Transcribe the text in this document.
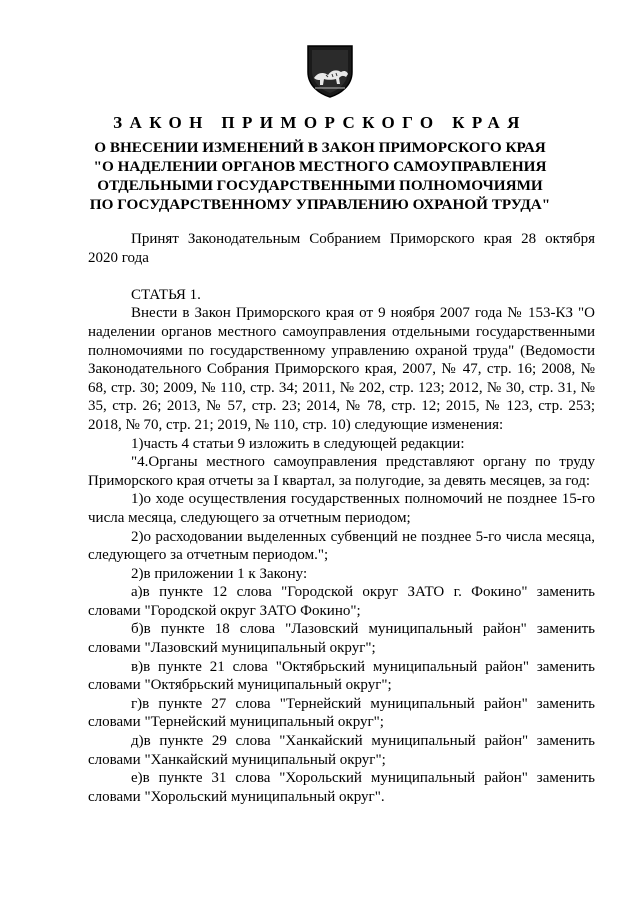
ЗАКОН ПРИМОРСКОГО КРАЯ
О ВНЕСЕНИИ ИЗМЕНЕНИЙ В ЗАКОН ПРИМОРСКОГО КРАЯ
"О НАДЕЛЕНИИ ОРГАНОВ МЕСТНОГО САМОУПРАВЛЕНИЯ
ОТДЕЛЬНЫМИ ГОСУДАРСТВЕННЫМИ ПОЛНОМОЧИЯМИ
ПО ГОСУДАРСТВЕННОМУ УПРАВЛЕНИЮ ОХРАНОЙ ТРУДА"

Принят Законодательным Собранием Приморского края 28 октября 2020 года

СТАТЬЯ 1.

Внести в Закон Приморского края от 9 ноября 2007 года № 153-КЗ "О наделении органов местного самоуправления отдельными государственными полномочиями по государственному управлению охраной труда" (Ведомости Законодательного Собрания Приморского края, 2007, № 47, стр. 16; 2008, № 68, стр. 30; 2009, № 110, стр. 34; 2011, № 202, стр. 123; 2012, № 30, стр. 31, № 35, стр. 26; 2013, № 57, стр. 23; 2014, № 78, стр. 12; 2015, № 123, стр. 253; 2018, № 70, стр. 21; 2019, № 110, стр. 10) следующие изменения:

1)часть 4 статьи 9 изложить в следующей редакции:

"4.Органы местного самоуправления представляют органу по труду Приморского края отчеты за I квартал, за полугодие, за девять месяцев, за год:

1)о ходе осуществления государственных полномочий не позднее 15-го числа месяца, следующего за отчетным периодом;

2)о расходовании выделенных субвенций не позднее 5-го числа месяца, следующего за отчетным периодом.";

2)в приложении 1 к Закону:

а)в пункте 12 слова "Городской округ ЗАТО г. Фокино" заменить словами "Городской округ ЗАТО Фокино";

б)в пункте 18 слова "Лазовский муниципальный район" заменить словами "Лазовский муниципальный округ";

в)в пункте 21 слова "Октябрьский муниципальный район" заменить словами "Октябрьский муниципальный округ";

г)в пункте 27 слова "Тернейский муниципальный район" заменить словами "Тернейский муниципальный округ";

д)в пункте 29 слова "Ханкайский муниципальный район" заменить словами "Ханкайский муниципальный округ";

е)в пункте 31 слова "Хорольский муниципальный район" заменить словами "Хорольский муниципальный округ".
